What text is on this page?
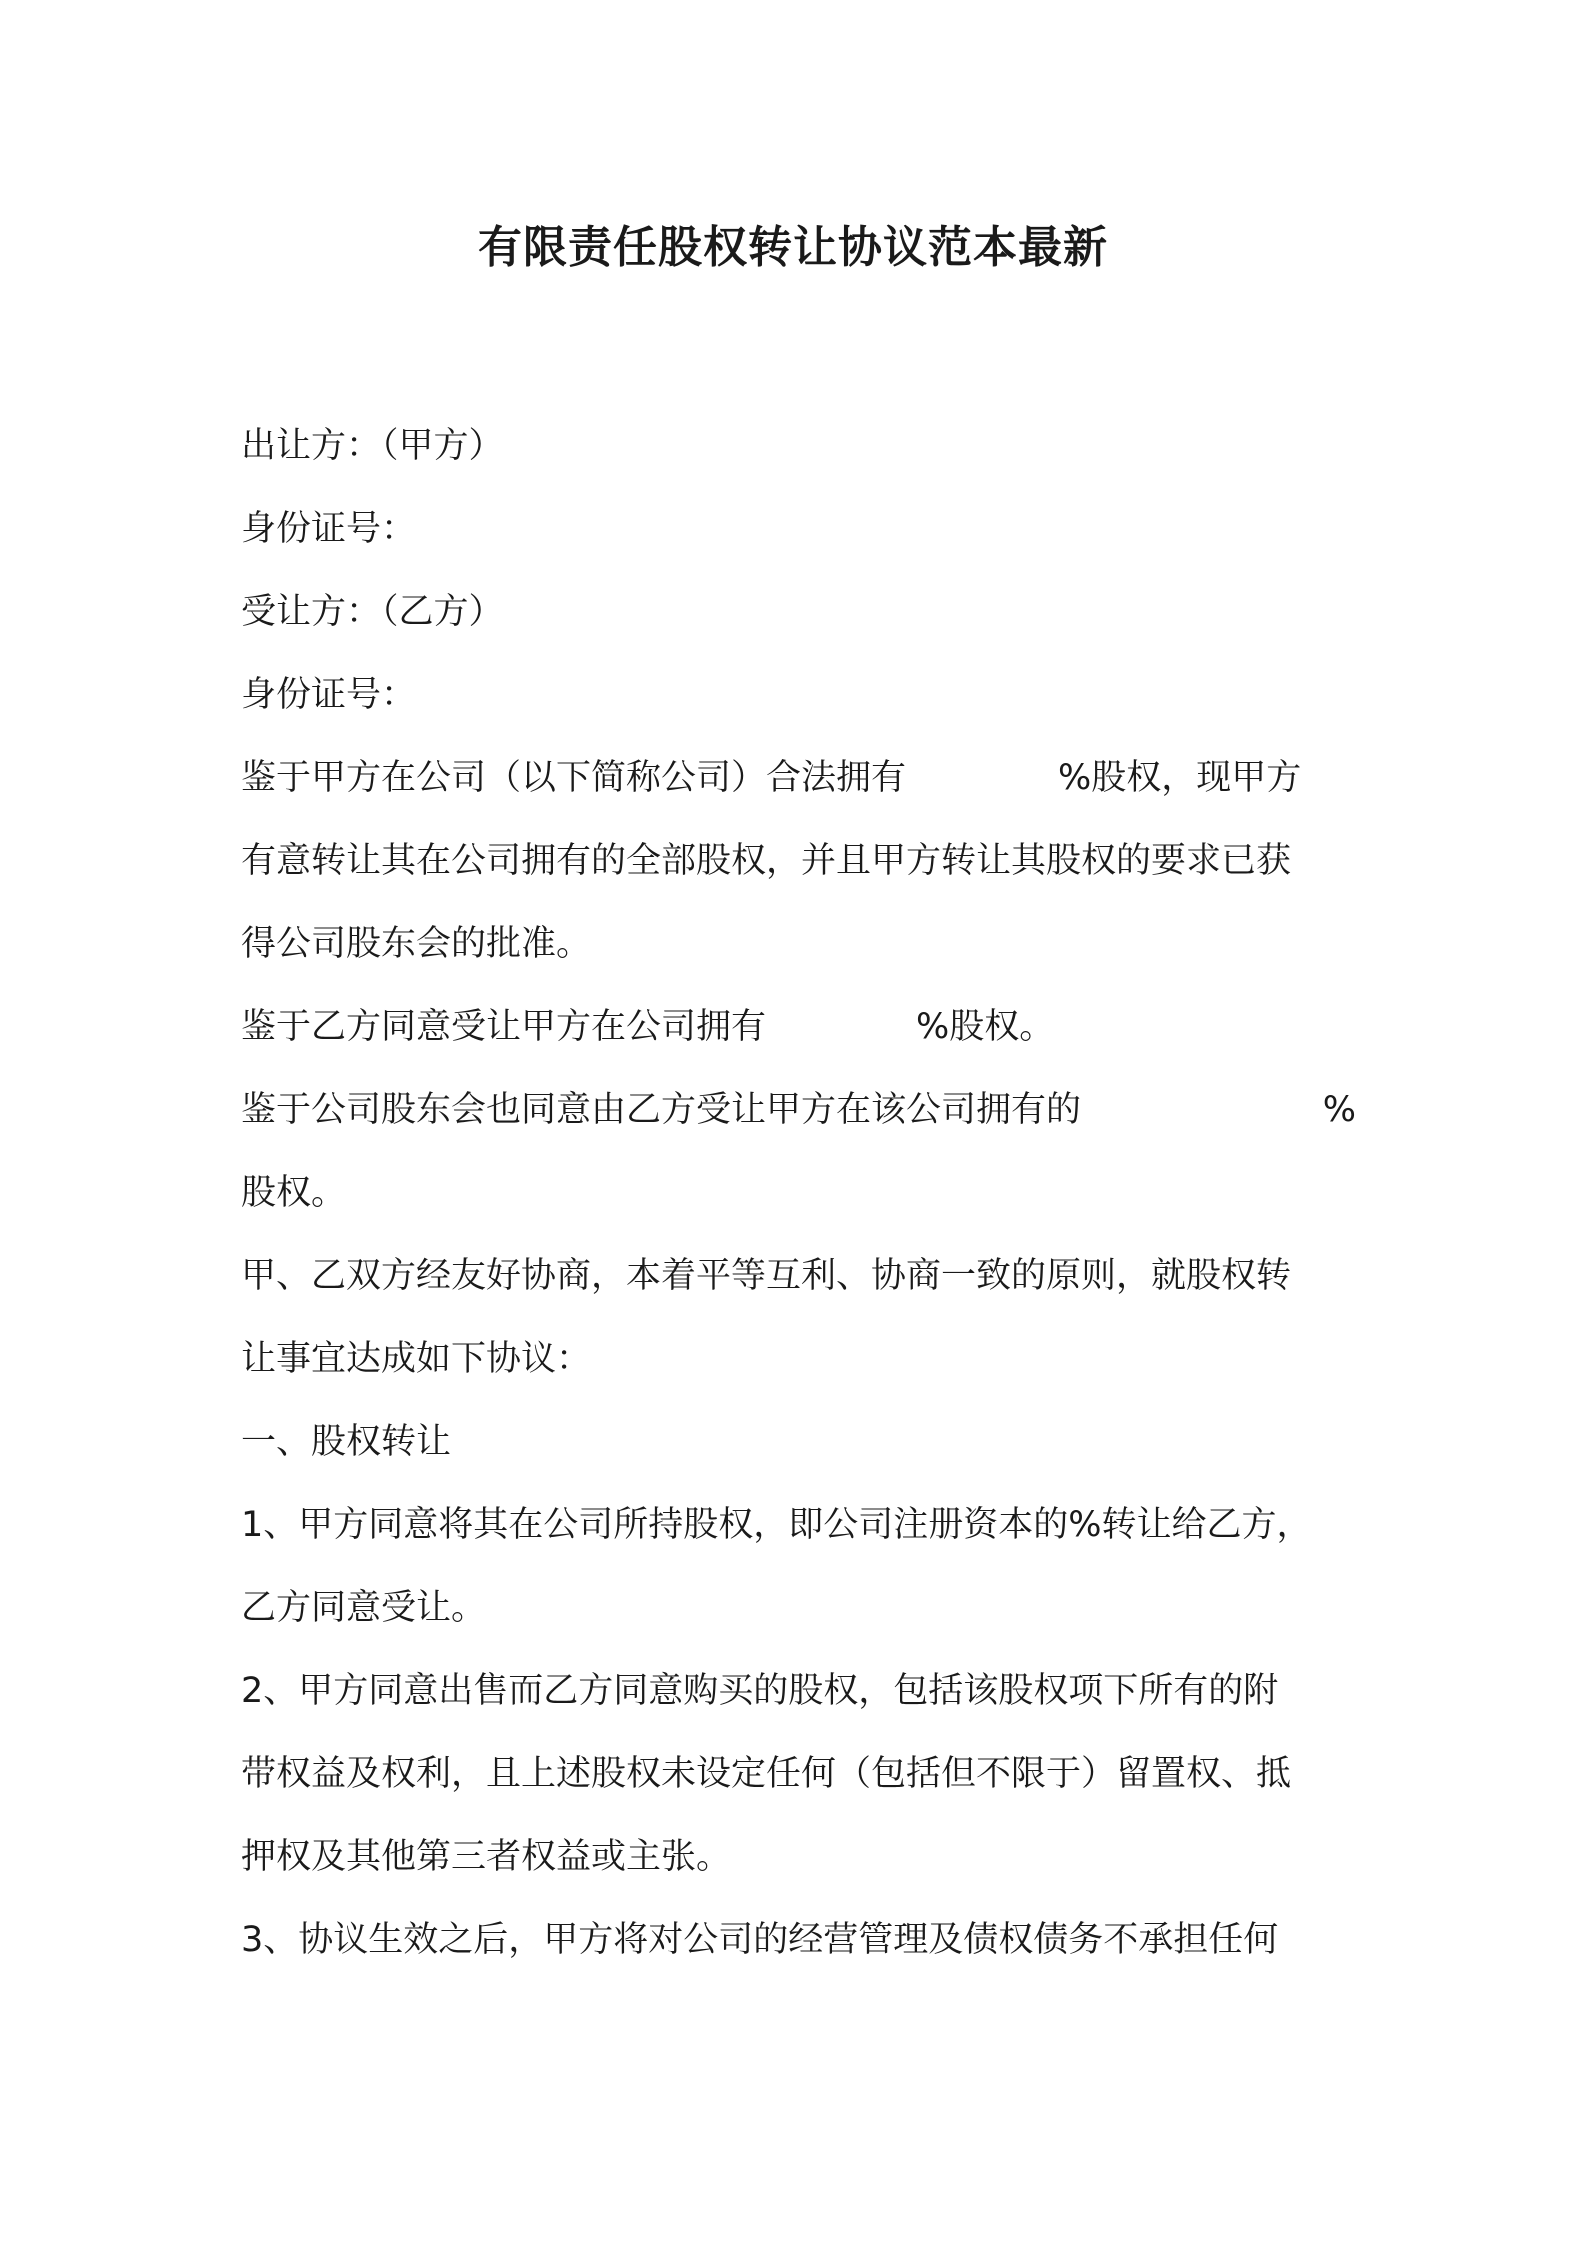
有限责任股权转让协议范本最新

出让方：（甲方）

身份证号：

受让方：（乙方）

身份证号：

鉴于甲方在公司（以下简称公司）合法拥有	%股权，现甲方

有意转让其在公司拥有的全部股权，并且甲方转让其股权的要求已获

得公司股东会的批准。

鉴于乙方同意受让甲方在公司拥有	%股权。

鉴于公司股东会也同意由乙方受让甲方在该公司拥有的	%

股权。

甲、乙双方经友好协商，本着平等互利、协商一致的原则，就股权转

让事宜达成如下协议：

一、股权转让

1、甲方同意将其在公司所持股权，即公司注册资本的%转让给乙方，

乙方同意受让。

2、甲方同意出售而乙方同意购买的股权，包括该股权项下所有的附

带权益及权利，且上述股权未设定任何（包括但不限于）留置权、抵

押权及其他第三者权益或主张。

3、协议生效之后，甲方将对公司的经营管理及债权债务不承担任何
